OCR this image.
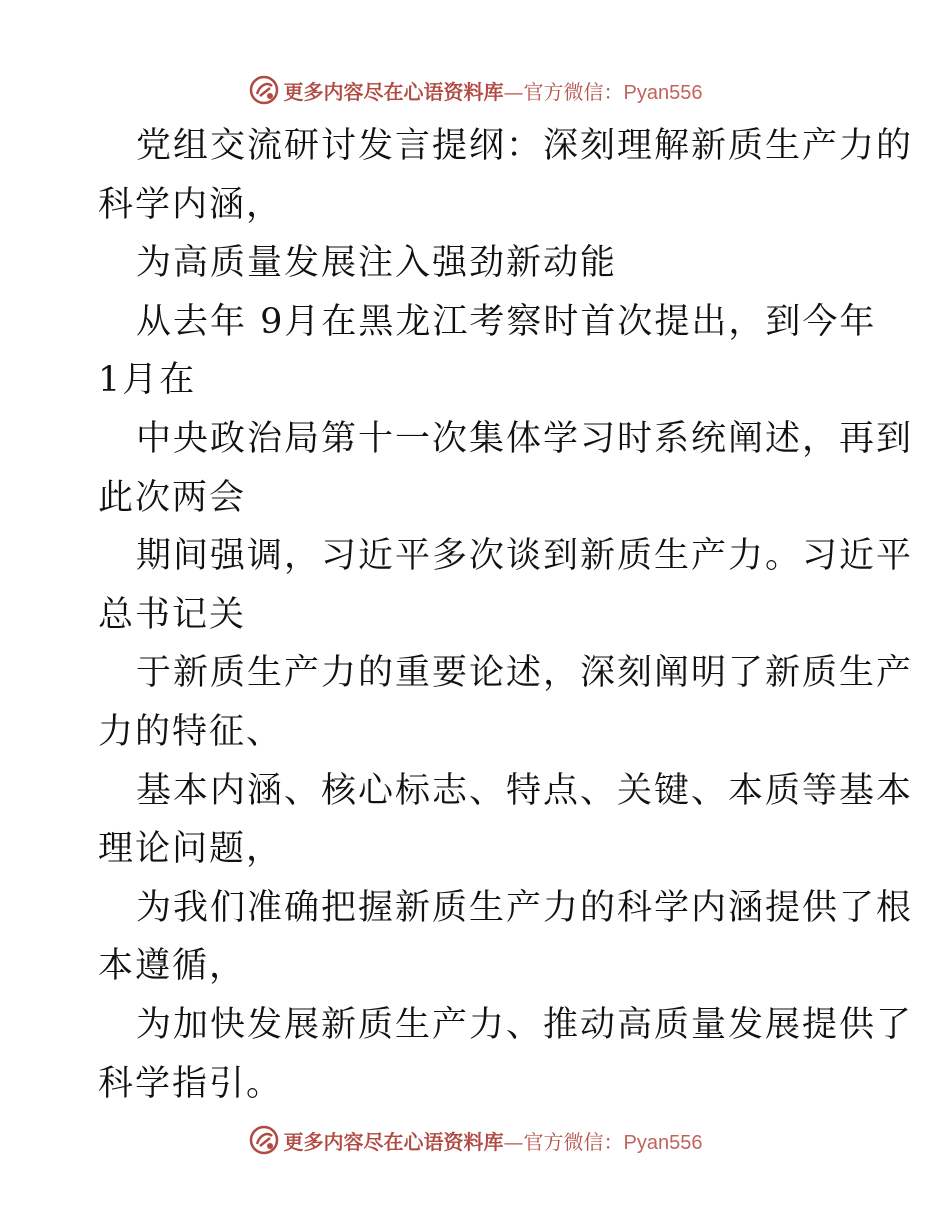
更多内容尽在心语资料库—官方微信：Pyan556
党组交流研讨发言提纲：深刻理解新质生产力的
科学内涵，
为高质量发展注入强劲新动能
从去年 9月在黑龙江考察时首次提出，到今年
1月在
中央政治局第十一次集体学习时系统阐述，再到
此次两会
期间强调，习近平多次谈到新质生产力。习近平
总书记关
于新质生产力的重要论述，深刻阐明了新质生产
力的特征、
基本内涵、核心标志、特点、关键、本质等基本
理论问题，
为我们准确把握新质生产力的科学内涵提供了根
本遵循，
为加快发展新质生产力、推动高质量发展提供了
科学指引。
更多内容尽在心语资料库—官方微信：Pyan556
